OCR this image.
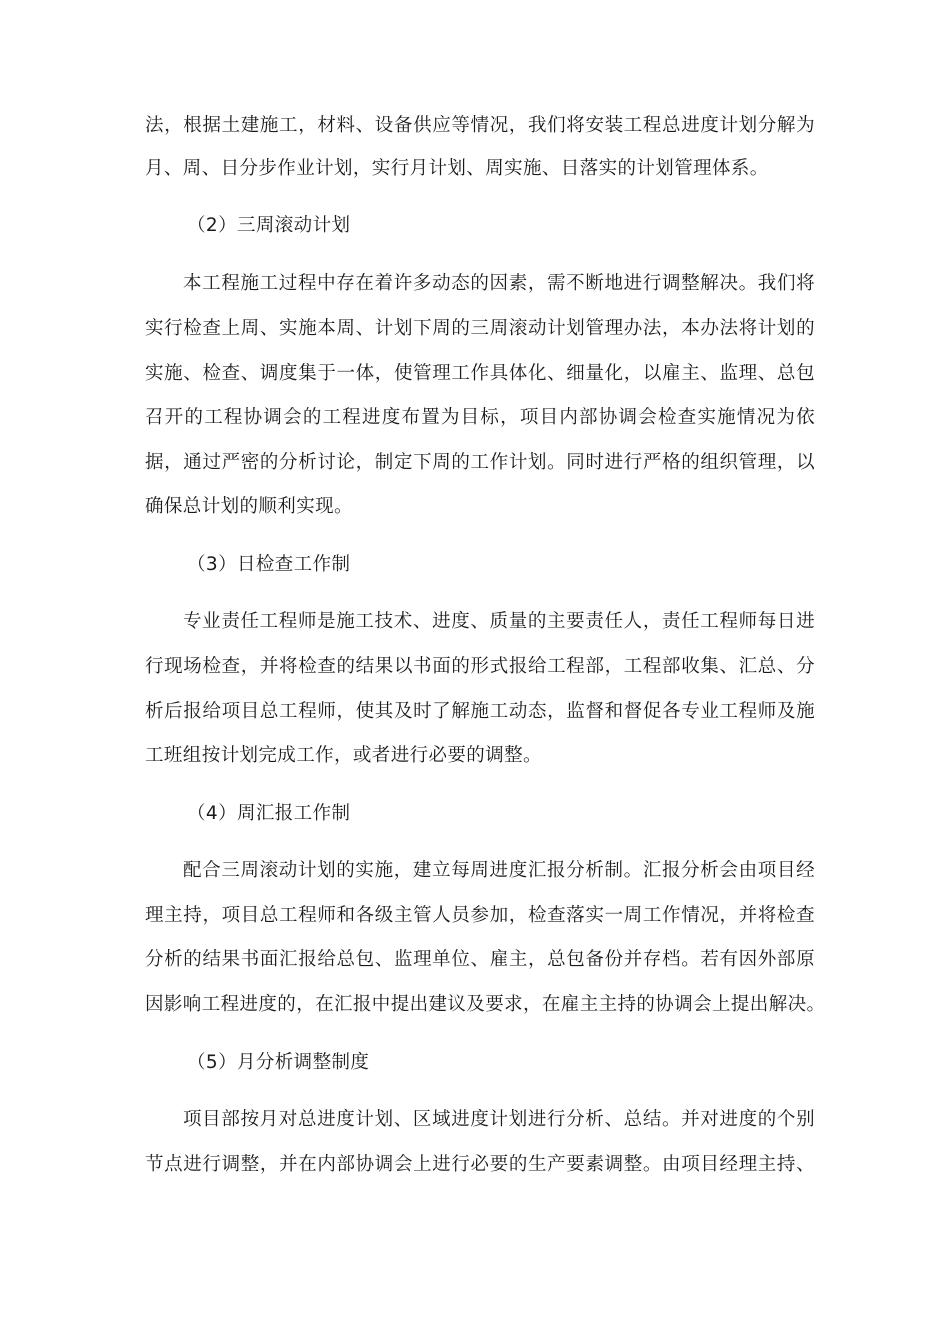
法，根据土建施工，材料、设备供应等情况，我们将安装工程总进度计划分解为
月、周、日分步作业计划，实行月计划、周实施、日落实的计划管理体系。
（2）三周滚动计划
本工程施工过程中存在着许多动态的因素，需不断地进行调整解决。我们将
实行检查上周、实施本周、计划下周的三周滚动计划管理办法，本办法将计划的
实施、检查、调度集于一体，使管理工作具体化、细量化，以雇主、监理、总包
召开的工程协调会的工程进度布置为目标，项目内部协调会检查实施情况为依
据，通过严密的分析讨论，制定下周的工作计划。同时进行严格的组织管理，以
确保总计划的顺利实现。
（3）日检查工作制
专业责任工程师是施工技术、进度、质量的主要责任人，责任工程师每日进
行现场检查，并将检查的结果以书面的形式报给工程部，工程部收集、汇总、分
析后报给项目总工程师，使其及时了解施工动态，监督和督促各专业工程师及施
工班组按计划完成工作，或者进行必要的调整。
（4）周汇报工作制
配合三周滚动计划的实施，建立每周进度汇报分析制。汇报分析会由项目经
理主持，项目总工程师和各级主管人员参加，检查落实一周工作情况，并将检查
分析的结果书面汇报给总包、监理单位、雇主，总包备份并存档。若有因外部原
因影响工程进度的，在汇报中提出建议及要求，在雇主主持的协调会上提出解决。
（5）月分析调整制度
项目部按月对总进度计划、区域进度计划进行分析、总结。并对进度的个别
节点进行调整，并在内部协调会上进行必要的生产要素调整。由项目经理主持、
